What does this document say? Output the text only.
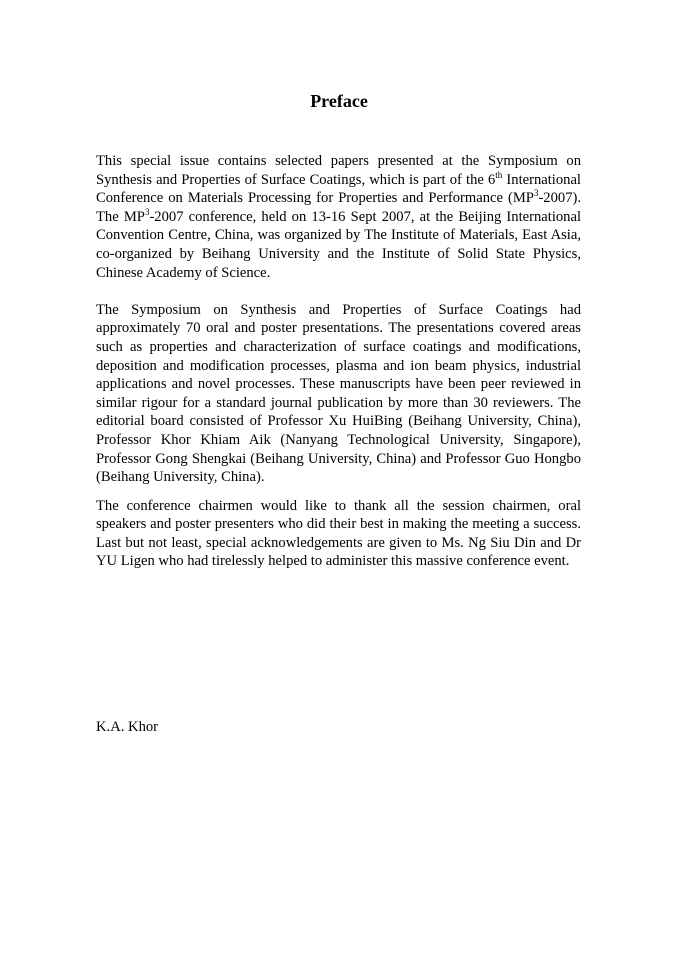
Preface

This special issue contains selected papers presented at the Symposium on Synthesis and Properties of Surface Coatings, which is part of the 6th International Conference on Materials Processing for Properties and Performance $(MP^3-2007)$. The $MP^3-2007$ conference, held on 13-16 Sept 2007, at the Beijing International Convention Centre, China, was organized by The Institute of Materials, East Asia, co-organized by Beihang University and the Institute of Solid State Physics, Chinese Academy of Science.

The Symposium on Synthesis and Properties of Surface Coatings had approximately 70 oral and poster presentations. The presentations covered areas such as properties and characterization of surface coatings and modifications, deposition and modification processes, plasma and ion beam physics, industrial applications and novel processes. These manuscripts have been peer reviewed in similar rigour for a standard journal publication by more than 30 reviewers. The editorial board consisted of Professor Xu HuiBing (Beihang University, China), Professor Khor Khiam Aik (Nanyang Technological University, Singapore), Professor Gong Shengkai (Beihang University, China) and Professor Guo Hongbo (Beihang University, China).

The conference chairmen would like to thank all the session chairmen, oral speakers and poster presenters who did their best in making the meeting a success. Last but not least, special acknowledgements are given to Ms. Ng Siu Din and Dr YU Ligen who had tirelessly helped to administer this massive conference event.

K.A. Khor
